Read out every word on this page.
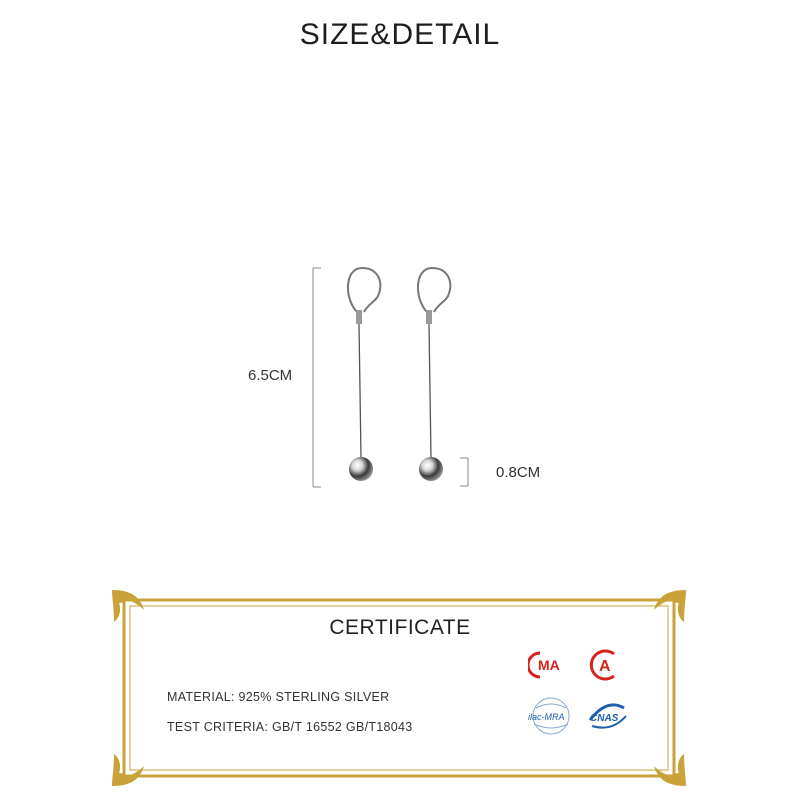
SIZE&DETAIL
6.5CM
0.8CM
CERTIFICATE
MATERIAL: 925% STERLING SILVER
TEST CRITERIA: GB/T 16552 GB/T18043
MA A
ilac-MRA	CNAS
